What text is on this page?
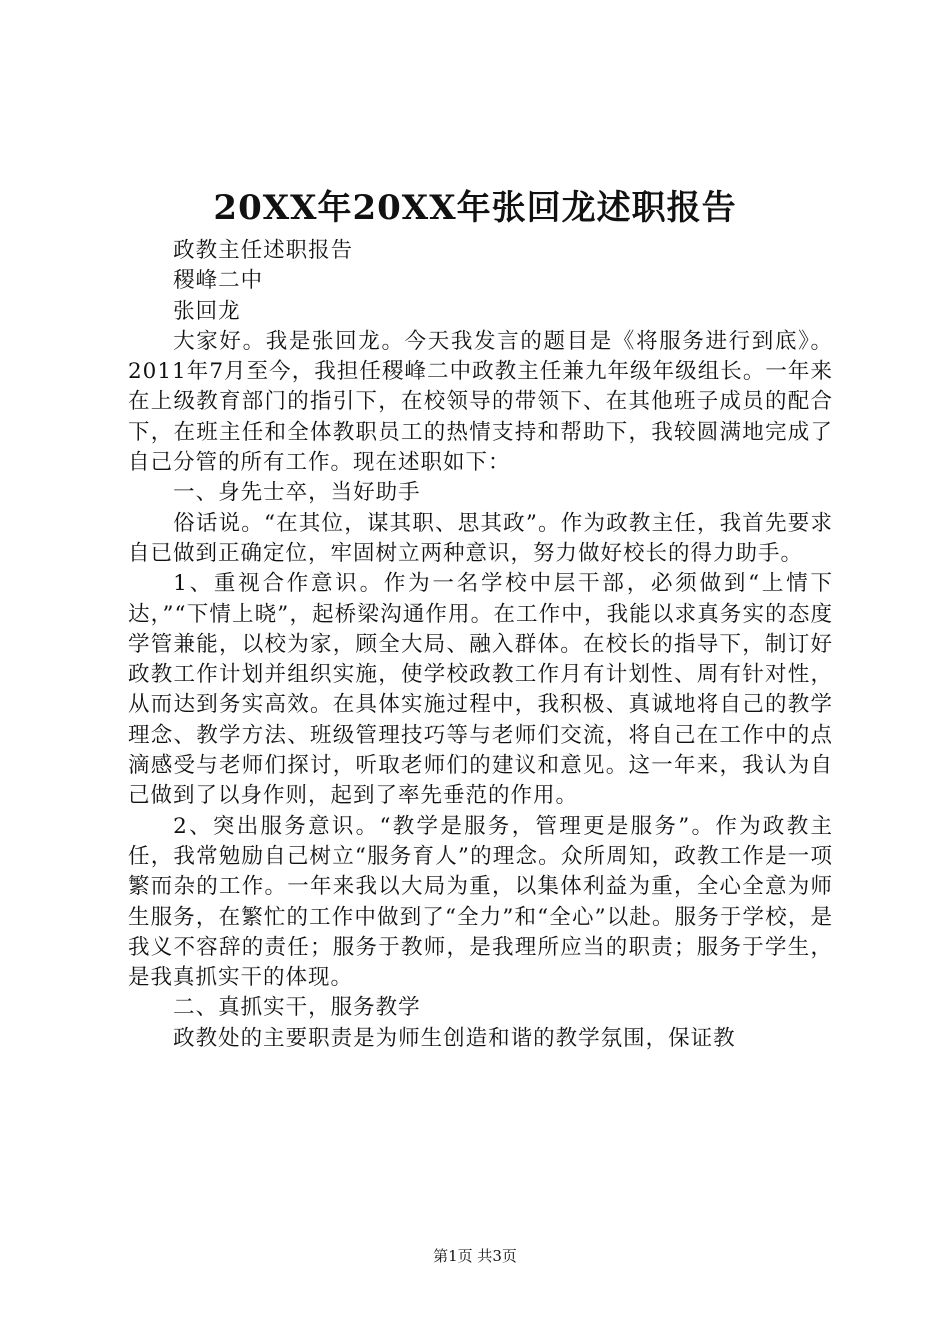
20XX年20XX年张回龙述职报告

政教主任述职报告

稷峰二中

张回龙

大家好。我是张回龙。今天我发言的题目是《将服务进行到底》。2011年7月至今，我担任稷峰二中政教主任兼九年级年级组长。一年来在上级教育部门的指引下，在校领导的带领下、在其他班子成员的配合下，在班主任和全体教职员工的热情支持和帮助下，我较圆满地完成了自己分管的所有工作。现在述职如下：

一、身先士卒，当好助手

俗话说。“在其位，谋其职、思其政”。作为政教主任，我首先要求自已做到正确定位，牢固树立两种意识，努力做好校长的得力助手。

1、重视合作意识。作为一名学校中层干部，必须做到“上情下达，”“下情上晓”，起桥梁沟通作用。在工作中，我能以求真务实的态度学管兼能，以校为家，顾全大局、融入群体。在校长的指导下，制订好政教工作计划并组织实施，使学校政教工作月有计划性、周有针对性，从而达到务实高效。在具体实施过程中，我积极、真诚地将自己的教学理念、教学方法、班级管理技巧等与老师们交流，将自己在工作中的点滴感受与老师们探讨，听取老师们的建议和意见。这一年来，我认为自己做到了以身作则，起到了率先垂范的作用。

2、突出服务意识。“教学是服务，管理更是服务”。作为政教主任，我常勉励自己树立“服务育人”的理念。众所周知，政教工作是一项繁而杂的工作。一年来我以大局为重，以集体利益为重，全心全意为师生服务，在繁忙的工作中做到了“全力”和“全心”以赴。服务于学校，是我义不容辞的责任；服务于教师，是我理所应当的职责；服务于学生，是我真抓实干的体现。

二、真抓实干，服务教学

政教处的主要职责是为师生创造和谐的教学氛围，保证教

第1页 共3页
